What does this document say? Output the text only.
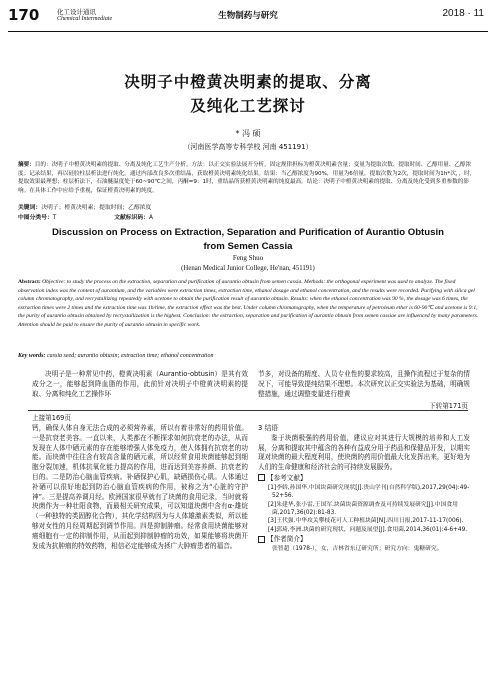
170	化工设计通讯
Chemical Intermediate	生物制药与研究	2018 · 11
决明子中橙黄决明素的提取、分离
及纯化工艺探讨
* 冯 硕
（河南医学高等专科学校 河南 451191）
摘要：目的：决明子中橙黄决明素的提取、分离及纯化工艺生产分析。方法：以正交实验法展开分析，固定规律担标为橙黄决明素含量；变量为提取次数、提取时间、乙醇用量、乙醇浓度；记录结果，再以硅胶柱层析法进行纯化。通过内部改良多次重结晶，获取橙黄决明素纯化结果。结果：当乙醇浓度为90%，用量为6倍量，提取次数为2次，提取时间为1h*次，，时，提取效果最理想；柱层析法下，石油醚温度处于60~90℃之间，丙酮=9：1时，重结晶所获橙黄决明素的纯度最高。结论：决明子中橙黄决明素的提取、分离及纯化受到多重参数的影响。在具体工作中应给予重视，保证橙黄决明素的纯度。
关键词：决明子；橙黄决明素；提取时间；乙醇浓度
中图分类号：T	文献标识码：A
Discussion on Process on Extraction, Separation and Purification of Aurantio Obtusin
from Semen Cassia
Feng Shuo
(Henan Medical Junior College, He'nan, 451191)
Abstract: Objective: to study the process on the extraction, separation and purification of aurantio obtusin from semen cassia. Methods: the orthogonal experiment was used to analyze. The fixed observation index was the content of aurantium, and the variables were extraction times, extraction time, ethanol dosage and ethanol concentration, and the results were recorded. Purifying with silica gel column chromatography, and recrystallizing repeatedly with acetone to obtain the purification result of aurantio obtusin. Results: when the ethanol concentration was 90 %, the dosage was 6 times, the extraction times were 2 times and the extraction time was 1h/time, the extraction effect was the best. Under column chromatography, when the temperature of petroleum ether is 60-90℃ and acetone is 9:1, the purity of aurantio obtusin obtained by recrystallization is the highest. Conclusion: the extraction, separation and purification of aurantio obtusin from semen cassiae are influenced by many parameters. Attention should be paid to ensure the purity of aurantio obtusin in specific work.
Key words: cassia seed; aurantio obtusin; extraction time; ethanol concentration
决明子是一种常见中药，橙黄决明素（Aurantio-obtusin）是其有效成分之一，能够起到降血脂的作用，此前针对决明子中橙黄决明素的提取、分离和纯化工艺操作环
节多，对设备的精度、人员专业性的要求较高，且操作流程过于复杂的情况下，可能导致提纯结果不理想。本次研究以正交实验法为基础，明确规整措施，通过调整变量进行橙黄
下转第171页
上接第169页
钙，确保人体自身无法合成的必须营养素，所以有着非常好的药用价值。一是抗衰老美容。一直以来，人类都在不断探求如何抗衰老的办法，从而发现在人体中硒元素的存在能够增强人体免疫力，使人体拥有抗衰老的功能。而块菌中往往含有较高含量的硒元素，所以经常食用块菌能够起到细胞分裂加速，机体抗氧化能力提高的作用，进而达到美容养颜、抗衰老的目的。二是防治心脑血管疾病。补硒保护心肌，缺硒损伤心肌。人体通过补硒可以很好地起到防治心脑血管疾病的作用，被称之为“心脏的守护神”。三是提高养调月经。欧洲国家很早就有了块菌的食用记录，当时就将块菌作为一种壮阳食物，而最相关研究成果，可以知道块菌中含有α-雄烷（一种独特的类固醇化合物），其化学结构因为与人体雄激素类似，所以能够对女性的月经周期起到调节作用。四是抑制肿瘤。经常食用块菌能够对癌细胞有一定的抑制作用，从而起到抑制肿瘤的功效，如果能够将块菌开发成为抗肿瘤的特效药物，相信必定能够成为拯广大肿瘤患者的福音。
3 结语
鉴于块菌极强的药用价值，建议应对其进行大规模的培养和人工发展，分离和提取其中蕴含的各种有益成分用于药品和保健品开发，以期实现对块菌的最大程度利用，使块菌的药用价值最大化发挥出来，更好地为人们的生命健康和经济社会的可持续发展服务。
【参考文献】
[1]李娇,孙国华.中国块菌研究现状[J].贵山学刊(自然科学版),2017,29(04):49-52+56.
[2]朱建华,张小雷,王国军.块菌块菌资源调查及可持续发展研究[J].中国食用菌,2017,36(02):81-83.
[3]王代强.中华攻关攀枝花可人工种植块菌[N].四川日报,2017-11-17(006).
[4]郭琦,李洲.块菌的研究现状、问题及展望[J].食用菌,2014,36(01):4-6+49.
【作者简介】
张智超（1978-），女，吉林省东辽研究所；研究方向：鬼糖研究。
